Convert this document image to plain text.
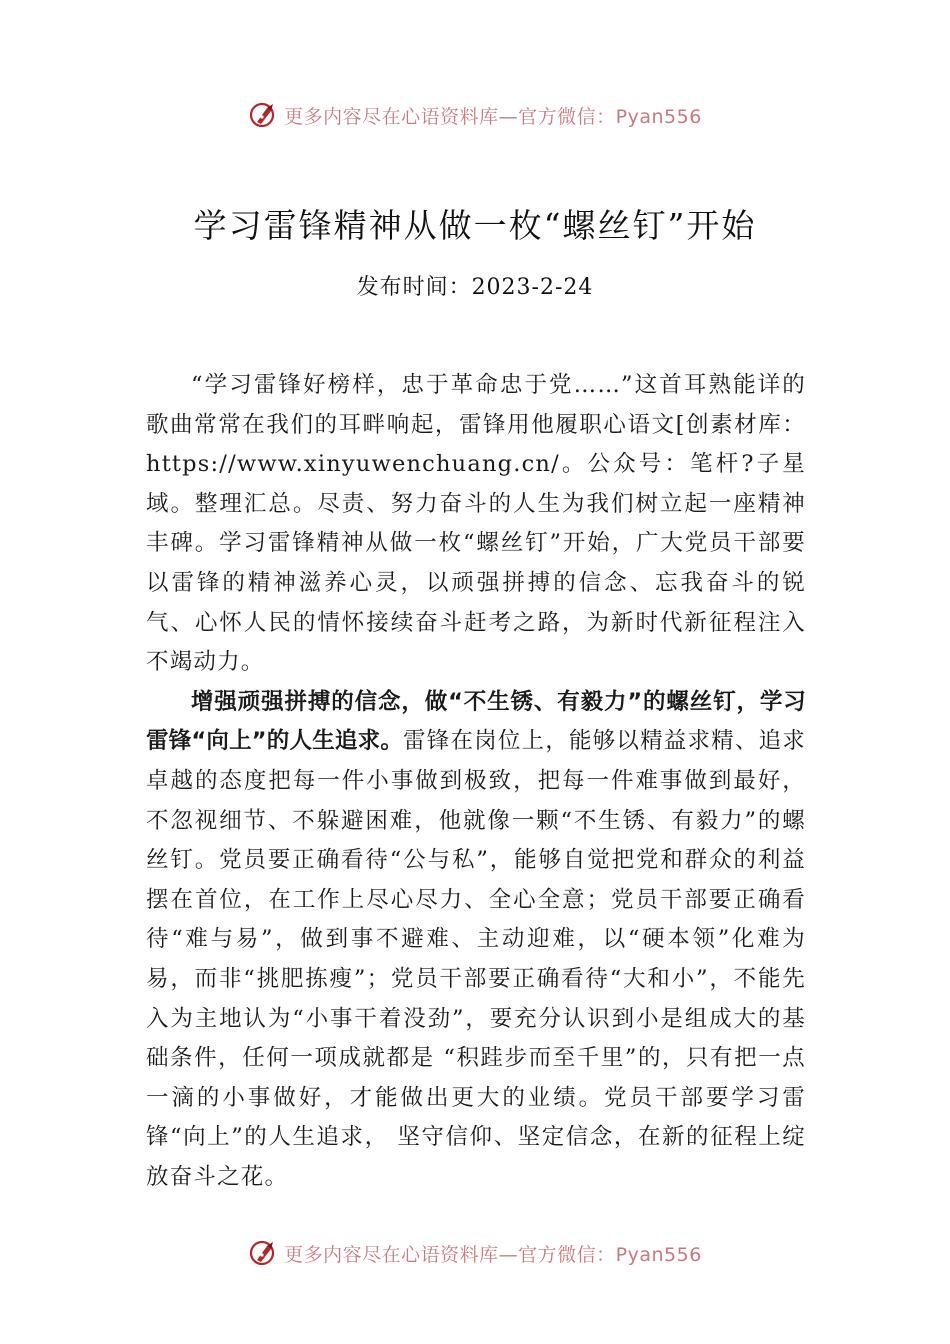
更多内容尽在心语资料库—官方微信：Pyan556
学习雷锋精神从做一枚“螺丝钉”开始
发布时间：2023-2-24

“学习雷锋好榜样，忠于革命忠于党……”这首耳熟能详的歌曲常常在我们的耳畔响起，雷锋用他履职心语文[创素材库：https://www.xinyuwenchuang.cn/。公众号：笔杆?子星域。整理汇总。尽责、努力奋斗的人生为我们树立起一座精神丰碑。学习雷锋精神从做一枚“螺丝钉”开始，广大党员干部要以雷锋的精神滋养心灵，以顽强拼搏的信念、忘我奋斗的锐气、心怀人民的情怀接续奋斗赶考之路，为新时代新征程注入不竭动力。

增强顽强拼搏的信念，做“不生锈、有毅力”的螺丝钉，学习雷锋“向上”的人生追求。雷锋在岗位上，能够以精益求精、追求卓越的态度把每一件小事做到极致，把每一件难事做到最好，不忽视细节、不躲避困难，他就像一颗“不生锈、有毅力”的螺丝钉。党员要正确看待“公与私”，能够自觉把党和群众的利益摆在首位，在工作上尽心尽力、全心全意；党员干部要正确看待“难与易”，做到事不避难、主动迎难，以“硬本领”化难为易，而非“挑肥拣瘦”；党员干部要正确看待“大和小”，不能先入为主地认为“小事干着没劲”，要充分认识到小是组成大的基础条件，任何一项成就都是 “积跬步而至千里”的，只有把一点一滴的小事做好，才能做出更大的业绩。党员干部要学习雷锋“向上”的人生追求， 坚守信仰、坚定信念，在新的征程上绽放奋斗之花。

更多内容尽在心语资料库—官方微信：Pyan556
